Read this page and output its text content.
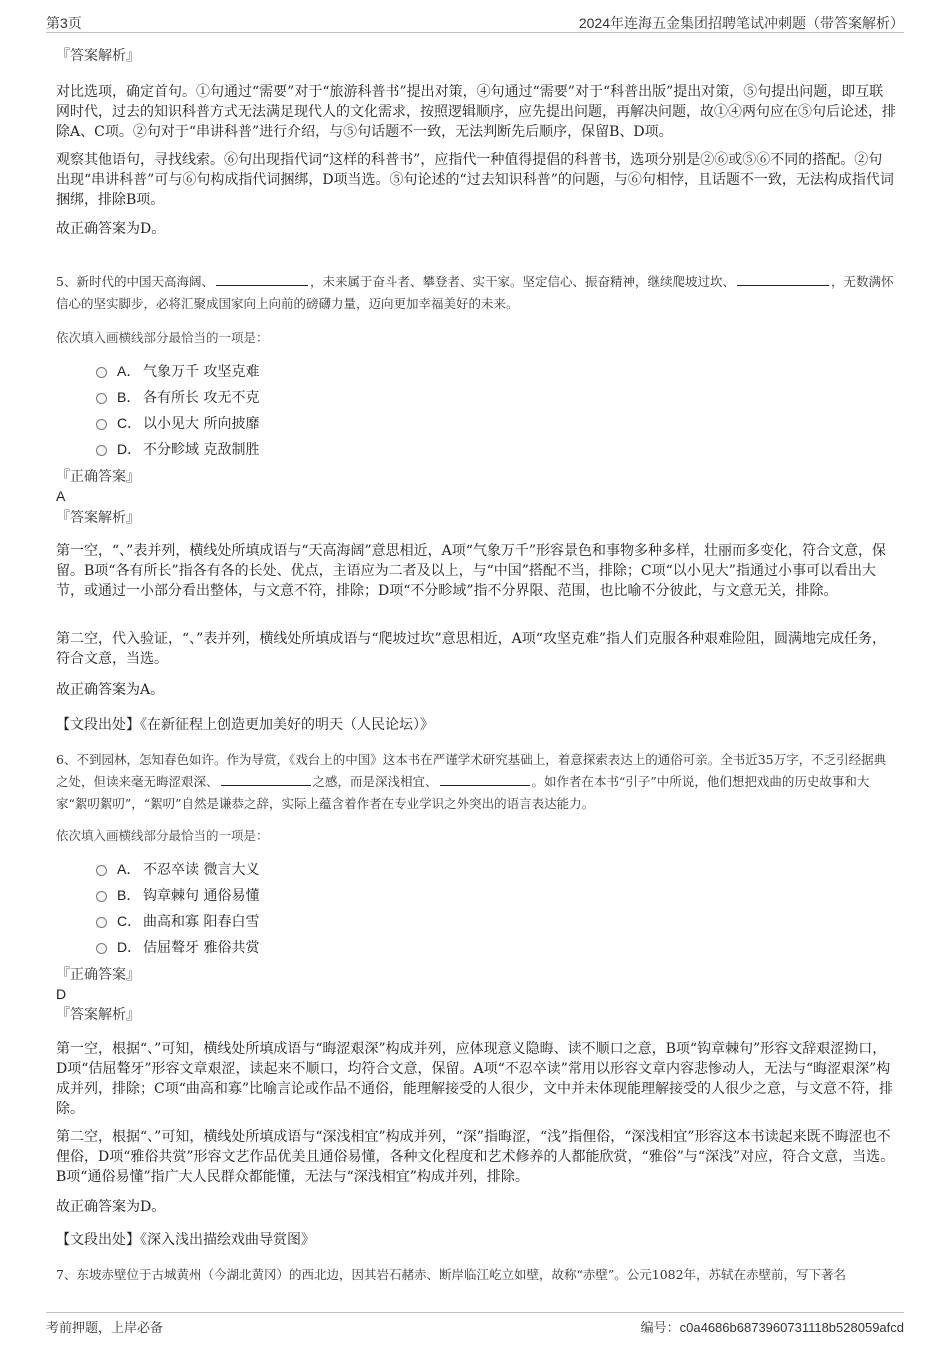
第3页	2024年连海五金集团招聘笔试冲刺题（带答案解析）

『答案解析』

对比选项，确定首句。①句通过“需要”对于“旅游科普书”提出对策，④句通过“需要”对于“科普出版”提出对策，⑤句提出问题，即互联网时代，过去的知识科普方式无法满足现代人的文化需求，按照逻辑顺序，应先提出问题，再解决问题，故①④两句应在⑤句后论述，排除A、C项。②句对于“串讲科普”进行介绍，与⑤句话题不一致，无法判断先后顺序，保留B、D项。

观察其他语句，寻找线索。⑥句出现指代词“这样的科普书”，应指代一种值得提倡的科普书，选项分别是②⑥或⑤⑥不同的搭配。②句出现“串讲科普”可与⑥句构成指代词捆绑，D项当选。⑤句论述的“过去知识科普”的问题，与⑥句相悖，且话题不一致，无法构成指代词捆绑，排除B项。

故正确答案为D。

5、新时代的中国天高海阔、	，未来属于奋斗者、攀登者、实干家。坚定信心、振奋精神，继续爬坡过坎、	，无数满怀信心的坚实脚步，必将汇聚成国家向上向前的磅礴力量，迈向更加幸福美好的未来。

依次填入画横线部分最恰当的一项是：
A． 气象万千 攻坚克难
B． 各有所长 攻无不克
C． 以小见大 所向披靡
D． 不分畛域 克敌制胜

『正确答案』

A

『答案解析』

第一空，“、”表并列，横线处所填成语与“天高海阔”意思相近，A项“气象万千”形容景色和事物多种多样，壮丽而多变化，符合文意，保留。B项“各有所长”指各有各的长处、优点，主语应为二者及以上，与“中国”搭配不当，排除；C项“以小见大”指通过小事可以看出大节，或通过一小部分看出整体，与文意不符，排除；D项“不分畛域”指不分界限、范围，也比喻不分彼此，与文意无关，排除。

第二空，代入验证，“、”表并列，横线处所填成语与“爬坡过坎”意思相近，A项“攻坚克难”指人们克服各种艰难险阻，圆满地完成任务，符合文意，当选。

故正确答案为A。

【文段出处】《在新征程上创造更加美好的明天（人民论坛）》

6、不到园林，怎知春色如许。作为导赏，《戏台上的中国》这本书在严谨学术研究基础上，着意探索表达上的通俗可亲。全书近35万字，不乏引经据典之处，但读来毫无晦涩艰深、	之感，而是深浅相宜、	。如作者在本书“引子”中所说，他们想把戏曲的历史故事和大家“絮叨絮叨”，“絮叨”自然是谦恭之辞，实际上蕴含着作者在专业学识之外突出的语言表达能力。

依次填入画横线部分最恰当的一项是：
A． 不忍卒读 微言大义
B． 钩章棘句 通俗易懂
C． 曲高和寡 阳春白雪
D． 佶屈聱牙 雅俗共赏

『正确答案』

D

『答案解析』

第一空，根据“、”可知，横线处所填成语与“晦涩艰深”构成并列，应体现意义隐晦、读不顺口之意，B项“钩章棘句”形容文辞艰涩拗口，D项“佶屈聱牙”形容文章艰涩，读起来不顺口，均符合文意，保留。A项“不忍卒读”常用以形容文章内容悲惨动人，无法与“晦涩艰深”构成并列，排除；C项“曲高和寡”比喻言论或作品不通俗，能理解接受的人很少，文中并未体现能理解接受的人很少之意，与文意不符，排除。

第二空，根据“、”可知，横线处所填成语与“深浅相宜”构成并列，“深”指晦涩，“浅”指俚俗，“深浅相宜”形容这本书读起来既不晦涩也不俚俗，D项“雅俗共赏”形容文艺作品优美且通俗易懂，各种文化程度和艺术修养的人都能欣赏，“雅俗”与“深浅”对应，符合文意，当选。B项“通俗易懂”指广大人民群众都能懂，无法与“深浅相宜”构成并列，排除。

故正确答案为D。

【文段出处】《深入浅出描绘戏曲导赏图》

7、东坡赤壁位于古城黄州（今湖北黄冈）的西北边，因其岩石赭赤、断岸临江屹立如壁，故称“赤壁”。公元1082年，苏轼在赤壁前，写下著名

考前押题，上岸必备	编号：c0a4686b6873960731118b528059afcd
